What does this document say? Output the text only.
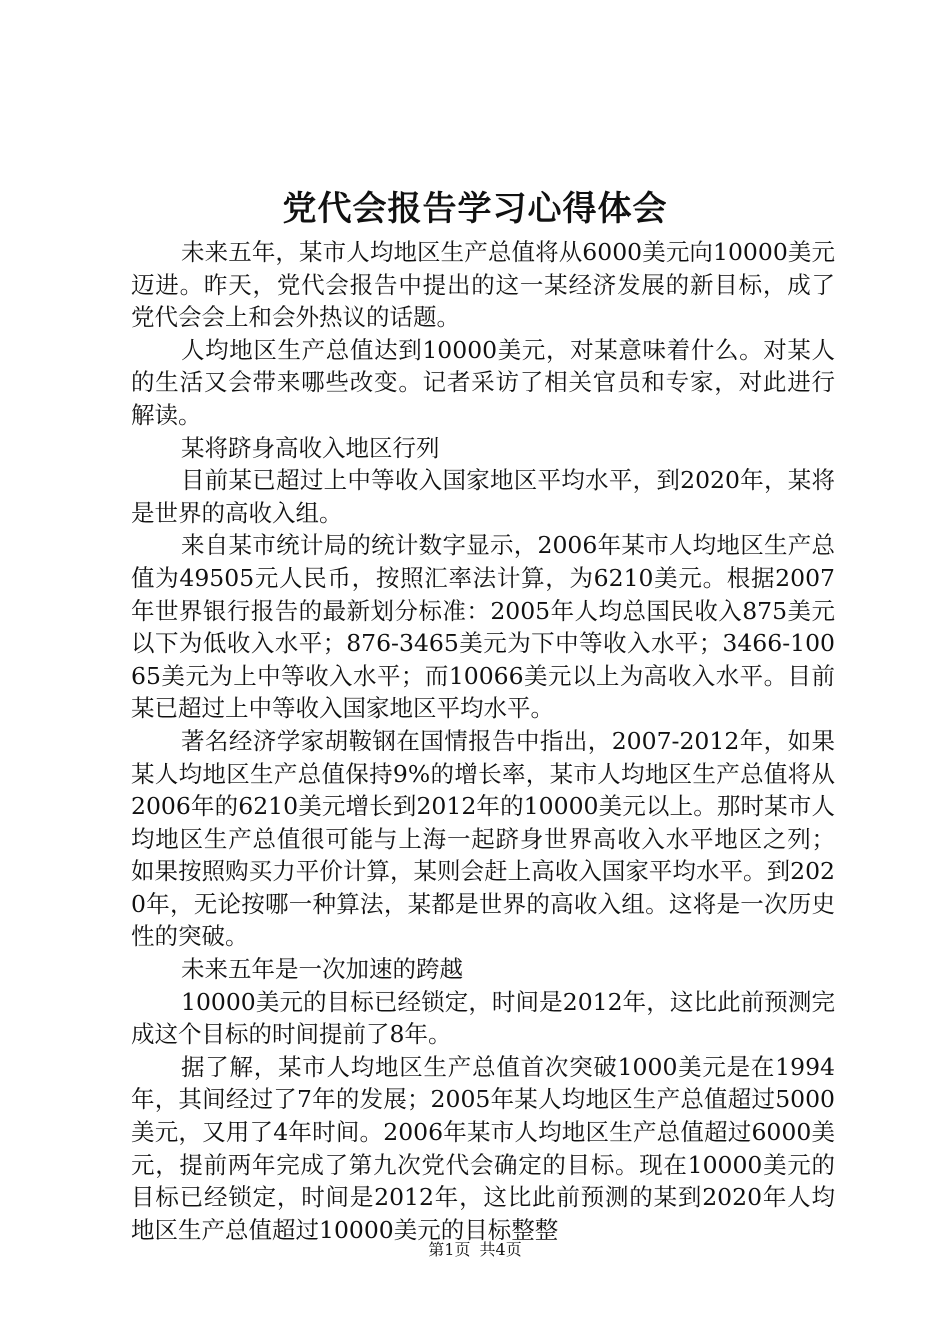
党代会报告学习心得体会

未来五年，某市人均地区生产总值将从6000美元向10000美元迈进。昨天，党代会报告中提出的这一某经济发展的新目标，成了党代会会上和会外热议的话题。

人均地区生产总值达到10000美元，对某意味着什么。对某人的生活又会带来哪些改变。记者采访了相关官员和专家，对此进行解读。

某将跻身高收入地区行列

目前某已超过上中等收入国家地区平均水平，到2020年，某将是世界的高收入组。

来自某市统计局的统计数字显示，2006年某市人均地区生产总值为49505元人民币，按照汇率法计算，为6210美元。根据2007年世界银行报告的最新划分标准：2005年人均总国民收入875美元以下为低收入水平；876-3465美元为下中等收入水平；3466-10065美元为上中等收入水平；而10066美元以上为高收入水平。目前某已超过上中等收入国家地区平均水平。

著名经济学家胡鞍钢在国情报告中指出，2007-2012年，如果某人均地区生产总值保持9%的增长率，某市人均地区生产总值将从2006年的6210美元增长到2012年的10000美元以上。那时某市人均地区生产总值很可能与上海一起跻身世界高收入水平地区之列；如果按照购买力平价计算，某则会赶上高收入国家平均水平。到2020年，无论按哪一种算法，某都是世界的高收入组。这将是一次历史性的突破。

未来五年是一次加速的跨越

10000美元的目标已经锁定，时间是2012年，这比此前预测完成这个目标的时间提前了8年。

据了解，某市人均地区生产总值首次突破1000美元是在1994年，其间经过了7年的发展；2005年某人均地区生产总值超过5000美元，又用了4年时间。2006年某市人均地区生产总值超过6000美元，提前两年完成了第九次党代会确定的目标。现在10000美元的目标已经锁定，时间是2012年，这比此前预测的某到2020年人均地区生产总值超过10000美元的目标整整

第1页 共4页
